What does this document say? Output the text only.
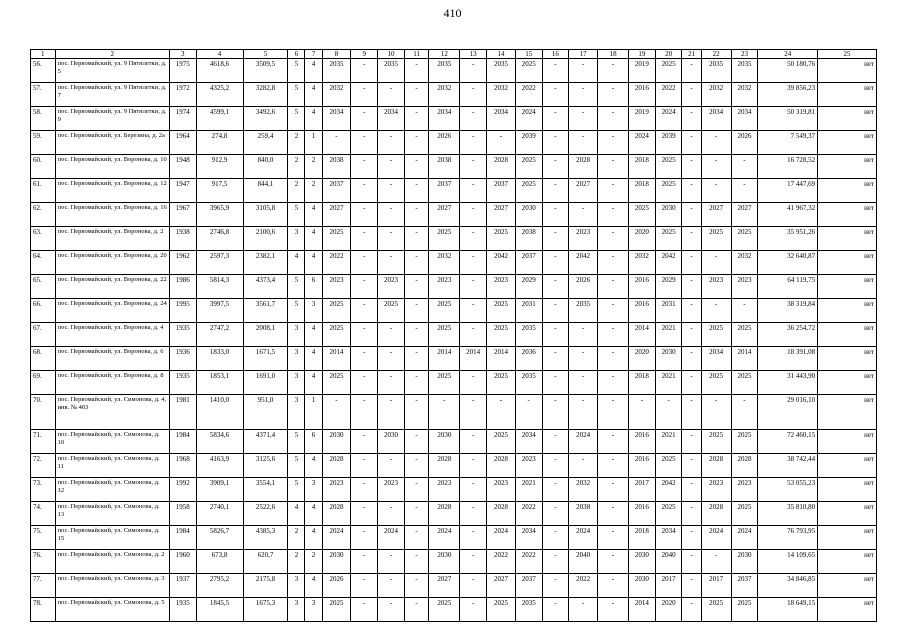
410
1	2	3	4	5	6	7	8	9	10	11	12	13	14	15	16	17	18	19	20	21	22	23	24	25
56.	пос. Первомайский, ул. 9 Пятилетки, д. 5	1975	4618,6	3509,5	5	4	2035	-	2035	-	2035	-	2035	2025	-	-	-	2019	2025	-	2035	2035	50 180,76	нет
57.	пос. Первомайский, ул. 9 Пятилетки, д. 7	1972	4325,2	3282,8	5	4	2032	-	-	-	2032	-	2032	2022	-	-	-	2016	2022	-	2032	2032	39 856,23	нет
58.	пос. Первомайский, ул. 9 Пятилетки, д. 9	1974	4599,1	3492,6	5	4	2034	-	2034	-	2034	-	2034	2024	-	-	-	2019	2024	-	2034	2034	50 319,81	нет
59.	пос. Первомайский, ул. Березина, д. 2а	1964	274,8	259,4	2	1	-	-	-	-	2026	-	-	2039	-	-	-	2024	2039	-	-	2026	7 549,37	нет
60.	пос. Первомайский, ул. Воронова, д. 10	1948	912,9	840,0	2	2	2038	-	-	-	2038	-	2028	2025	-	2028	-	2018	2025	-	-	-	16 728,52	нет
61.	пос. Первомайский, ул. Воронова, д. 12	1947	917,5	844,1	2	2	2037	-	-	-	2037	-	2037	2025	-	2027	-	2018	2025	-	-	-	17 447,69	нет
62.	пос. Первомайский, ул. Воронова, д. 16	1967	3965,9	3105,8	5	4	2027	-	-	-	2027	-	2027	2030	-	-	-	2025	2030	-	2027	2027	41 967,32	нет
63.	пос. Первомайский, ул. Воронова, д. 2	1938	2746,8	2100,6	3	4	2025	-	-	-	2025	-	2025	2038	-	2023	-	2020	2025	-	2025	2025	35 951,26	нет
64.	пос. Первомайский, ул. Воронова, д. 20	1962	2597,3	2382,1	4	4	2022	-	-	-	2032	-	2042	2037	-	2042	-	2032	2042	-	-	2032	32 640,87	нет
65.	пос. Первомайский, ул. Воронова, д. 22	1986	5814,3	4373,4	5	6	2023	-	2023	-	2023	-	2023	2029	-	2026	-	2016	2029	-	2023	2023	64 119,75	нет
66.	пос. Первомайский, ул. Воронова, д. 24	1995	3997,5	3561,7	5	3	2025	-	2025	-	2025	-	2025	2031	-	2035	-	2016	2031	-	-	-	38 319,84	нет
67.	пос. Первомайский, ул. Воронова, д. 4	1935	2747,2	2008,1	3	4	2025	-	-	-	2025	-	2025	2035	-	-	-	2014	2021	-	2025	2025	36 254,72	нет
68.	пос. Первомайский, ул. Воронова, д. 6	1936	1833,0	1671,5	3	4	2014	-	-	-	2014	2014	2014	2036	-	-	-	2020	2030	-	2034	2014	18 391,08	нет
69.	пос. Первомайский, ул. Воронова, д. 8	1935	1853,1	1691,0	3	4	2025	-	-	-	2025	-	2025	2035	-	-	-	2018	2021	-	2025	2025	31 443,90	нет
70.	пос. Первомайский, ул. Симонова, д. 4, инв. № 403	1981	1410,0	951,0	3	1	-	-	-	-	-	-	-	-	-	-	-	-	-	-	-	-	29 016,10	нет
71.	пос. Первомайский, ул. Симонова, д. 10	1984	5834,6	4371,4	5	6	2030	-	2030	-	2030	-	2025	2034	-	2024	-	2016	2021	-	2025	2025	72 460,15	нет
72.	пос. Первомайский, ул. Симонова, д. 11	1968	4163,9	3125,6	5	4	2028	-	-	-	2028	-	2028	2023	-	-	-	2016	2025	-	2028	2028	38 742,44	нет
73.	пос. Первомайский, ул. Симонова, д. 12	1992	3909,1	3554,1	5	3	2023	-	2023	-	2023	-	2023	2021	-	2032	-	2017	2042	-	2023	2023	53 055,23	нет
74.	пос. Первомайский, ул. Симонова, д. 13	1958	2740,1	2522,6	4	4	2028	-	-	-	2028	-	2028	2022	-	2038	-	2016	2025	-	2028	2025	35 810,80	нет
75.	пос. Первомайский, ул. Симонова, д. 15	1984	5826,7	4385,3	2	4	2024	-	2024	-	2024	-	2024	2034	-	2024	-	2018	2034	-	2024	2024	76 793,95	нет
76.	пос. Первомайский, ул. Симонова, д. 2	1960	673,8	620,7	2	2	2030	-	-	-	2030	-	2022	2022	-	2040	-	2030	2040	-	-	2030	14 109,65	нет
77.	пос. Первомайский, ул. Симонова, д. 3	1937	2795,2	2175,8	3	4	2026	-	-	-	2027	-	2027	2037	-	2022	-	2030	2017	-	2017	2037	34 846,85	нет
78.	пос. Первомайский, ул. Симонова, д. 5	1935	1845,5	1675,3	3	3	2025	-	-	-	2025	-	2025	2035	-	-	-	2014	2020	-	2025	2025	18 649,15	нет
